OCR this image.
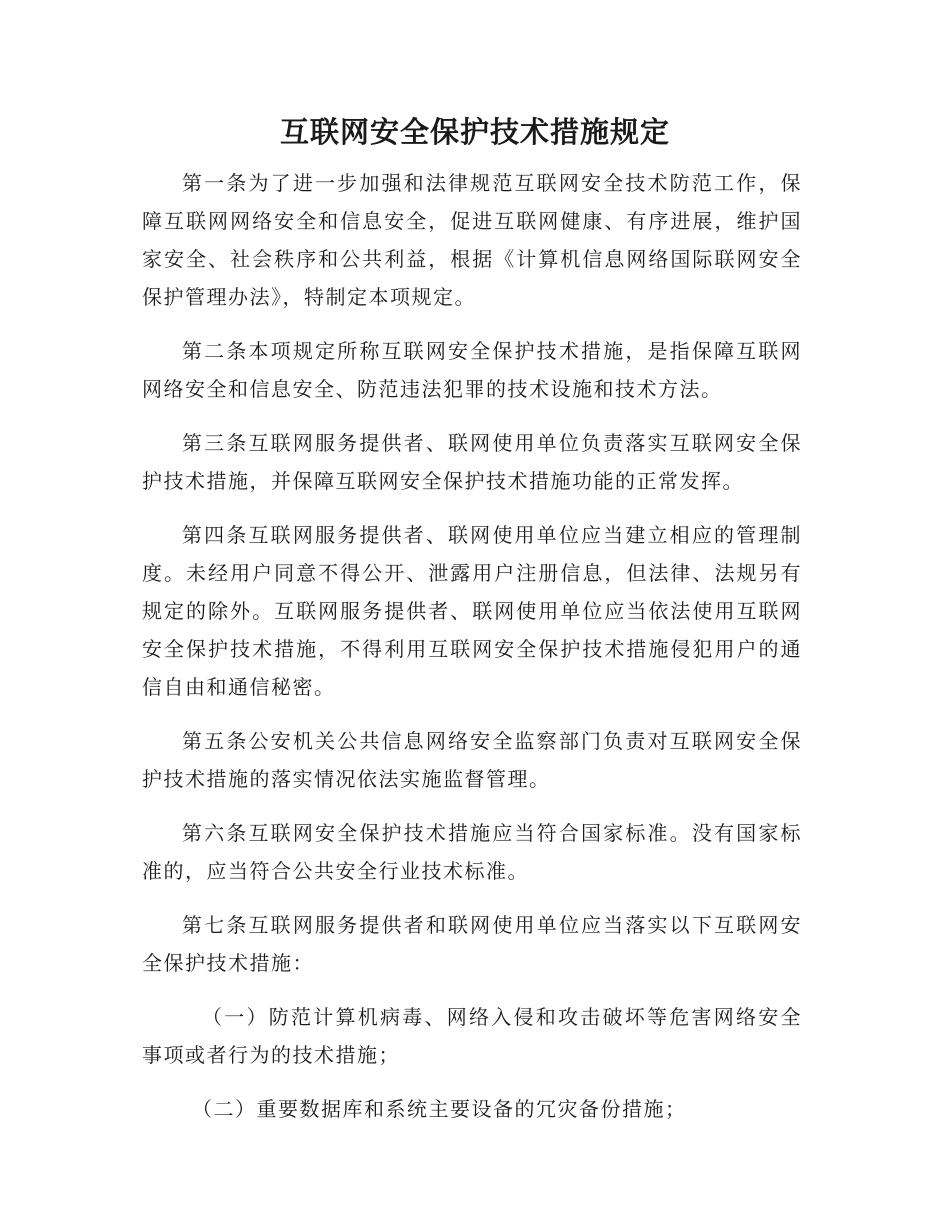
互联网安全保护技术措施规定

第一条为了进一步加强和法律规范互联网安全技术防范工作，保障互联网网络安全和信息安全，促进互联网健康、有序进展，维护国家安全、社会秩序和公共利益，根据《计算机信息网络国际联网安全保护管理办法》，特制定本项规定。

第二条本项规定所称互联网安全保护技术措施，是指保障互联网网络安全和信息安全、防范违法犯罪的技术设施和技术方法。

第三条互联网服务提供者、联网使用单位负责落实互联网安全保护技术措施，并保障互联网安全保护技术措施功能的正常发挥。

第四条互联网服务提供者、联网使用单位应当建立相应的管理制度。未经用户同意不得公开、泄露用户注册信息，但法律、法规另有规定的除外。互联网服务提供者、联网使用单位应当依法使用互联网安全保护技术措施，不得利用互联网安全保护技术措施侵犯用户的通信自由和通信秘密。

第五条公安机关公共信息网络安全监察部门负责对互联网安全保护技术措施的落实情况依法实施监督管理。

第六条互联网安全保护技术措施应当符合国家标准。没有国家标准的，应当符合公共安全行业技术标准。

第七条互联网服务提供者和联网使用单位应当落实以下互联网安全保护技术措施：

（一）防范计算机病毒、网络入侵和攻击破坏等危害网络安全事项或者行为的技术措施；

（二）重要数据库和系统主要设备的冗灾备份措施；
